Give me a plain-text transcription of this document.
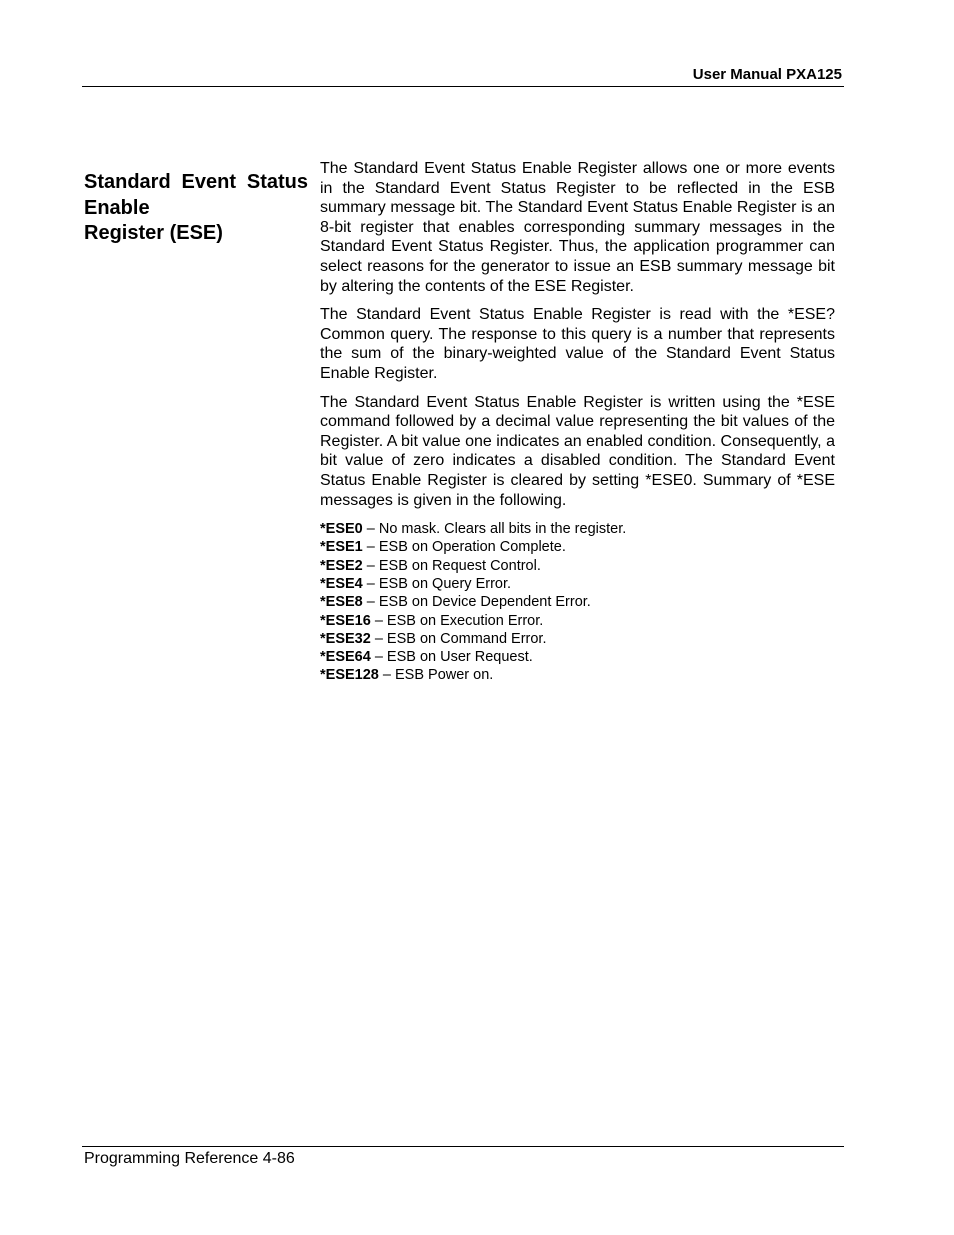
User Manual PXA125
Standard Event Status Enable
Register (ESE)

The Standard Event Status Enable Register allows one or more events in the Standard Event Status Register to be reflected in the ESB summary message bit. The Standard Event Status Enable Register is an 8-bit register that enables corresponding summary messages in the Standard Event Status Register. Thus, the application programmer can select reasons for the generator to issue an ESB summary message bit by altering the contents of the ESE Register.

The Standard Event Status Enable Register is read with the *ESE? Common query. The response to this query is a number that represents the sum of the binary-weighted value of the Standard Event Status Enable Register.

The Standard Event Status Enable Register is written using the *ESE command followed by a decimal value representing the bit values of the Register. A bit value one indicates an enabled condition. Consequently, a bit value of zero indicates a disabled condition. The Standard Event Status Enable Register is cleared by setting *ESE0. Summary of *ESE messages is given in the following.

*ESE0 – No mask. Clears all bits in the register.
*ESE1 – ESB on Operation Complete.
*ESE2 – ESB on Request Control.
*ESE4 – ESB on Query Error.
*ESE8 – ESB on Device Dependent Error.
*ESE16 – ESB on Execution Error.
*ESE32 – ESB on Command Error.
*ESE64 – ESB on User Request.
*ESE128 – ESB Power on.
Programming Reference 4-86
